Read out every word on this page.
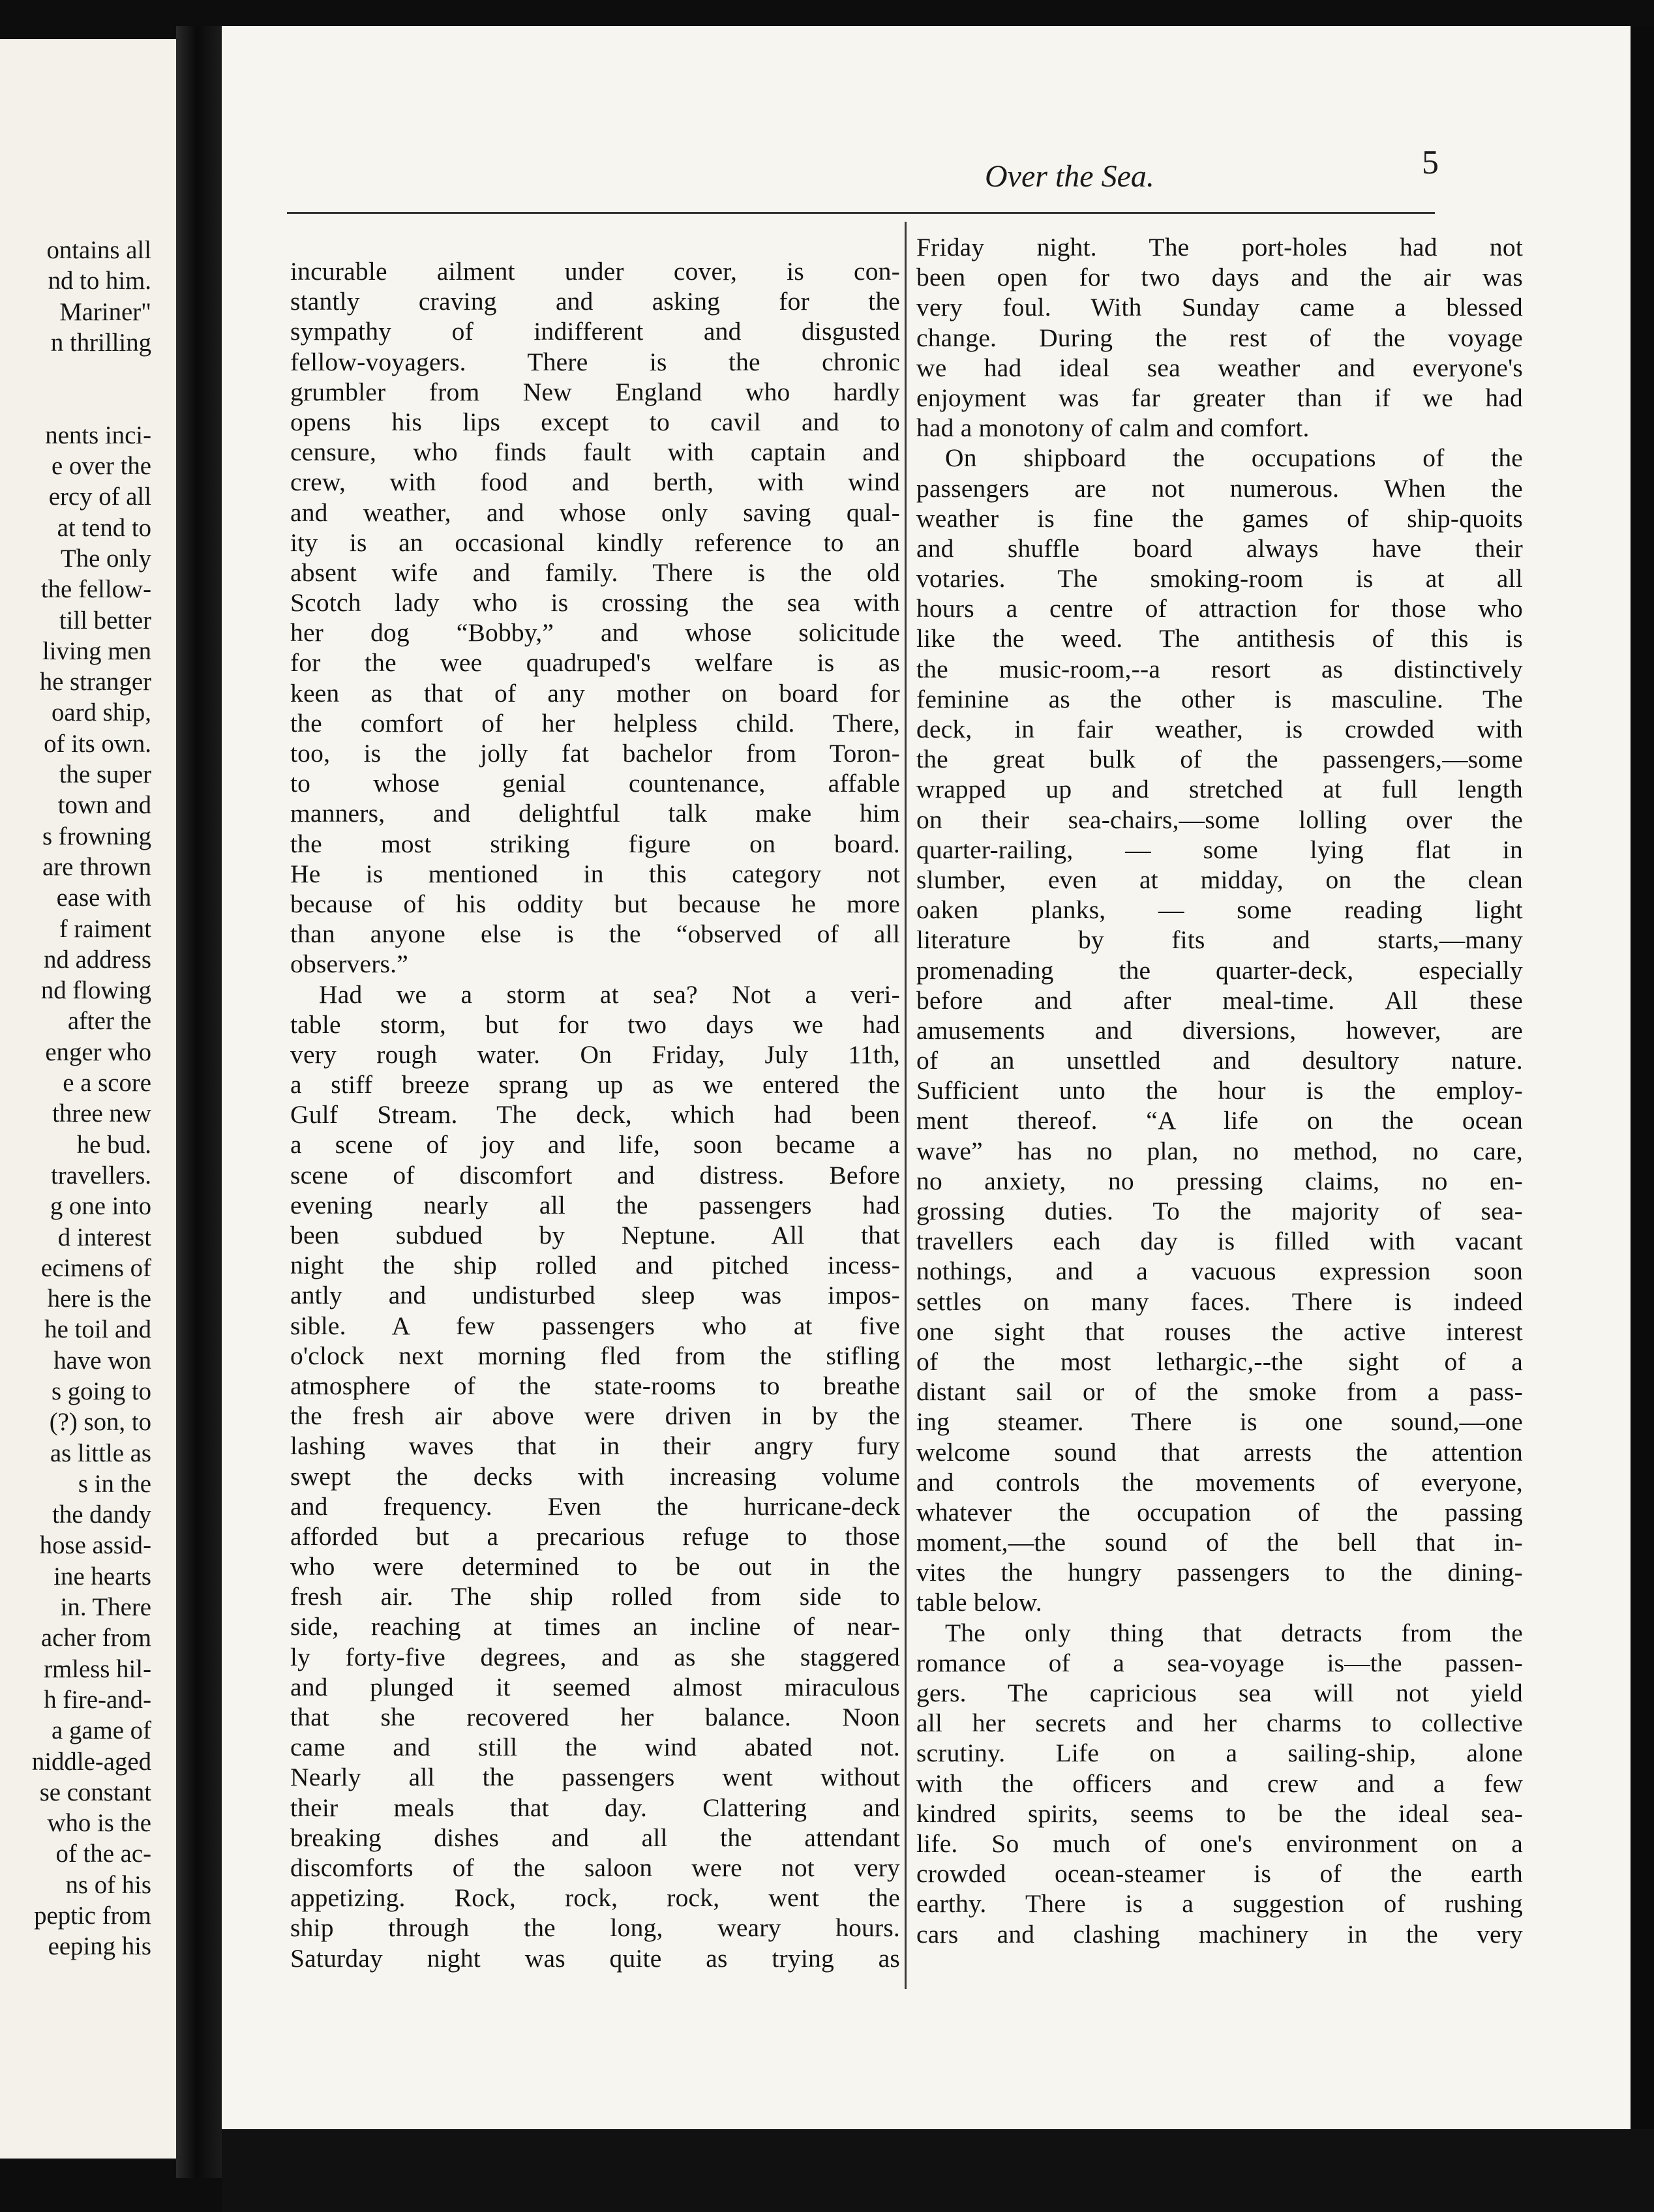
ontains all
nd to him.
Mariner"
n thrilling
nents inci-
e over the
ercy of all
at tend to
The only
the fellow-
till better
living men
he stranger
oard ship,
of its own.
the super
town and
s frowning
are thrown
ease with
f raiment
nd address
nd flowing
after the
enger who
e a score
three new
he bud.
travellers.
g one into
d interest
ecimens of
here is the
he toil and
have won
s going to
(?) son, to
as little as
s in the
the dandy
hose assid-
ine hearts
in. There
acher from
rmless hil-
h fire-and-
a game of
niddle-aged
se constant
who is the
of the ac-
ns of his
peptic from
eeping his
Over the Sea.	5
incurable ailment under cover, is con-
stantly craving and asking for the
sympathy of indifferent and disgusted
fellow-voyagers. There is the chronic
grumbler from New England who hardly
opens his lips except to cavil and to
censure, who finds fault with captain and
crew, with food and berth, with wind
and weather, and whose only saving qual-
ity is an occasional kindly reference to an
absent wife and family. There is the old
Scotch lady who is crossing the sea with
her dog “Bobby,” and whose solicitude
for the wee quadruped's welfare is as
keen as that of any mother on board for
the comfort of her helpless child. There,
too, is the jolly fat bachelor from Toron-
to whose genial countenance, affable
manners, and delightful talk make him
the most striking figure on board.
He is mentioned in this category not
because of his oddity but because he more
than anyone else is the “observed of all
observers.”
Had we a storm at sea? Not a veri-
table storm, but for two days we had
very rough water. On Friday, July 11th,
a stiff breeze sprang up as we entered the
Gulf Stream. The deck, which had been
a scene of joy and life, soon became a
scene of discomfort and distress. Before
evening nearly all the passengers had
been subdued by Neptune. All that
night the ship rolled and pitched incess-
antly and undisturbed sleep was impos-
sible. A few passengers who at five
o'clock next morning fled from the stifling
atmosphere of the state-rooms to breathe
the fresh air above were driven in by the
lashing waves that in their angry fury
swept the decks with increasing volume
and frequency. Even the hurricane-deck
afforded but a precarious refuge to those
who were determined to be out in the
fresh air. The ship rolled from side to
side, reaching at times an incline of near-
ly forty-five degrees, and as she staggered
and plunged it seemed almost miraculous
that she recovered her balance. Noon
came and still the wind abated not.
Nearly all the passengers went without
their meals that day. Clattering and
breaking dishes and all the attendant
discomforts of the saloon were not very
appetizing. Rock, rock, rock, went the
ship through the long, weary hours.
Saturday night was quite as trying as
Friday night. The port-holes had not
been open for two days and the air was
very foul. With Sunday came a blessed
change. During the rest of the voyage
we had ideal sea weather and everyone's
enjoyment was far greater than if we had
had a monotony of calm and comfort.
On shipboard the occupations of the
passengers are not numerous. When the
weather is fine the games of ship-quoits
and shuffle board always have their
votaries. The smoking-room is at all
hours a centre of attraction for those who
like the weed. The antithesis of this is
the music-room,--a resort as distinctively
feminine as the other is masculine. The
deck, in fair weather, is crowded with
the great bulk of the passengers,—some
wrapped up and stretched at full length
on their sea-chairs,—some lolling over the
quarter-railing, — some lying flat in
slumber, even at midday, on the clean
oaken planks, — some reading light
literature by fits and starts,—many
promenading the quarter-deck, especially
before and after meal-time. All these
amusements and diversions, however, are
of an unsettled and desultory nature.
Sufficient unto the hour is the employ-
ment thereof. “A life on the ocean
wave” has no plan, no method, no care,
no anxiety, no pressing claims, no en-
grossing duties. To the majority of sea-
travellers each day is filled with vacant
nothings, and a vacuous expression soon
settles on many faces. There is indeed
one sight that rouses the active interest
of the most lethargic,--the sight of a
distant sail or of the smoke from a pass-
ing steamer. There is one sound,—one
welcome sound that arrests the attention
and controls the movements of everyone,
whatever the occupation of the passing
moment,—the sound of the bell that in-
vites the hungry passengers to the dining-
table below.
The only thing that detracts from the
romance of a sea-voyage is—the passen-
gers. The capricious sea will not yield
all her secrets and her charms to collective
scrutiny. Life on a sailing-ship, alone
with the officers and crew and a few
kindred spirits, seems to be the ideal sea-
life. So much of one's environment on a
crowded ocean-steamer is of the earth
earthy. There is a suggestion of rushing
cars and clashing machinery in the very
